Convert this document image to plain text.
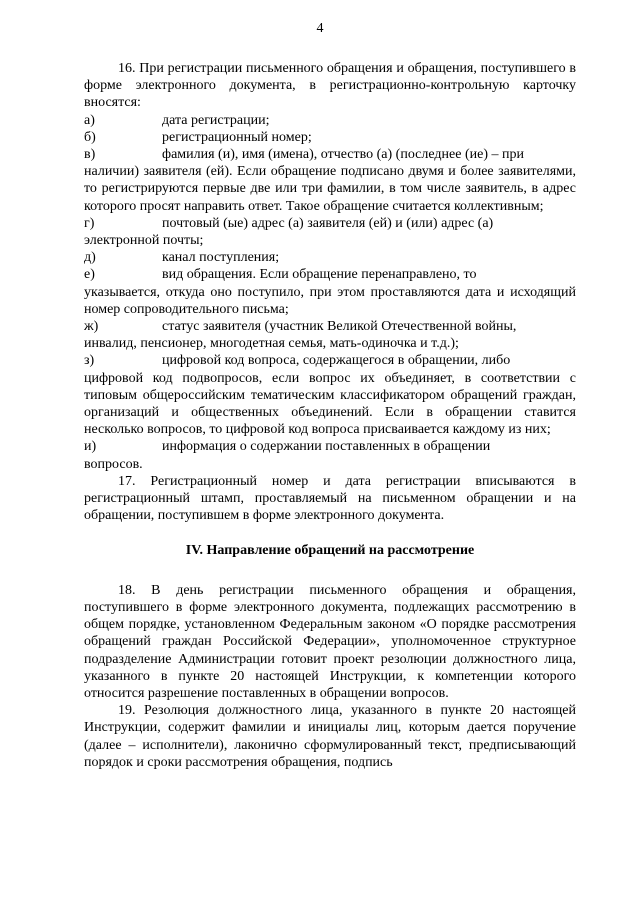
4

16. При регистрации письменного обращения и обращения, поступившего в форме электронного документа, в регистрационно-контрольную карточку вносятся:

а)	дата регистрации;
б)	регистрационный номер;
в)	фамилия (и), имя (имена), отчество (а) (последнее (ие) – при

наличии) заявителя (ей). Если обращение подписано двумя и более заявителями, то регистрируются первые две или три фамилии, в том числе заявитель, в адрес которого просят направить ответ. Такое обращение считается коллективным;

г)	почтовый (ые) адрес (а) заявителя (ей) и (или) адрес (а)

электронной почты;

д)	канал поступления;
е)	вид обращения. Если обращение перенаправлено, то

указывается, откуда оно поступило, при этом проставляются дата и исходящий номер сопроводительного письма;

ж)	статус заявителя (участник Великой Отечественной войны,

инвалид, пенсионер, многодетная семья, мать-одиночка и т.д.);

з)	цифровой код вопроса, содержащегося в обращении, либо

цифровой код подвопросов, если вопрос их объединяет, в соответствии с типовым общероссийским тематическим классификатором обращений граждан, организаций и общественных объединений. Если в обращении ставится несколько вопросов, то цифровой код вопроса присваивается каждому из них;

и)	информация о содержании поставленных в обращении

вопросов.

17. Регистрационный номер и дата регистрации вписываются в регистрационный штамп, проставляемый на письменном обращении и на обращении, поступившем в форме электронного документа.

IV. Направление обращений на рассмотрение

18. В день регистрации письменного обращения и обращения, поступившего в форме электронного документа, подлежащих рассмотрению в общем порядке, установленном Федеральным законом «О порядке рассмотрения обращений граждан Российской Федерации», уполномоченное структурное подразделение Администрации готовит проект резолюции должностного лица, указанного в пункте 20 настоящей Инструкции, к компетенции которого относится разрешение поставленных в обращении вопросов.

19. Резолюция должностного лица, указанного в пункте 20 настоящей Инструкции, содержит фамилии и инициалы лиц, которым дается поручение (далее – исполнители), лаконично сформулированный текст, предписывающий порядок и сроки рассмотрения обращения, подпись
